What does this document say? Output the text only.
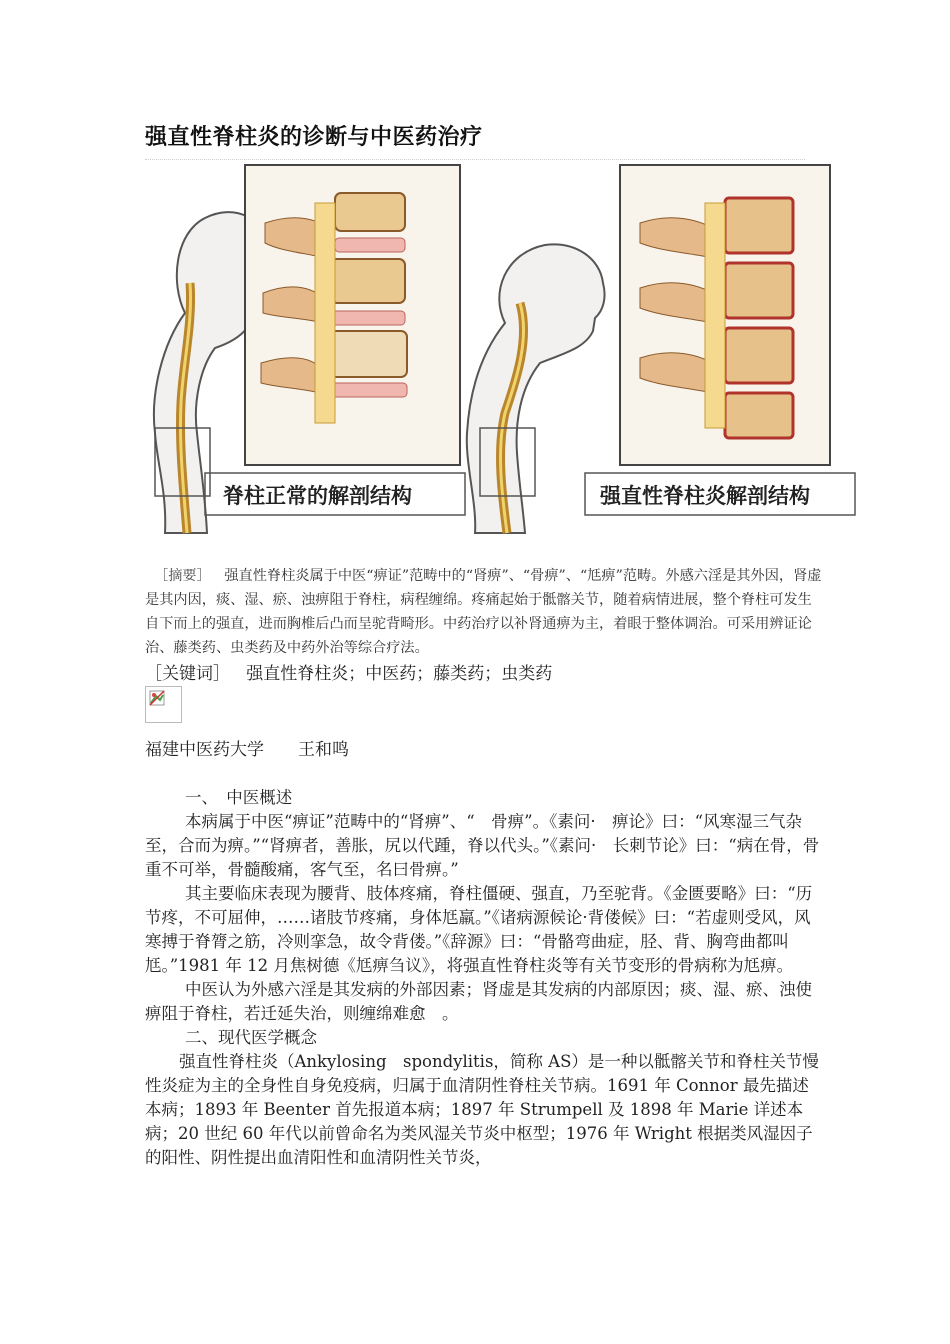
强直性脊柱炎的诊断与中医药治疗
脊柱正常的解剖结构	强直性脊柱炎解剖结构
［摘要］ 强直性脊柱炎属于中医“痹证”范畴中的“肾痹”、“骨痹”、“尪痹”范畴。外感六淫是其外因，肾虚是其内因，痰、湿、瘀、浊痹阻于脊柱，病程缠绵。疼痛起始于骶髂关节，随着病情进展，整个脊柱可发生自下而上的强直，进而胸椎后凸而呈驼背畸形。中药治疗以补肾通痹为主，着眼于整体调治。可采用辨证论治、藤类药、虫类药及中药外治等综合疗法。
［关键词］ 强直性脊柱炎；中医药；藤类药；虫类药
福建中医药大学 王和鸣

一、　中医概述

本病属于中医“痹证”范畴中的“肾痹”、“　骨痹”。《素问·　痹论》曰：“风寒湿三气杂至，合而为痹。”“肾痹者，善胀，尻以代踵，脊以代头。”《素问·　长刺节论》曰：“病在骨，骨重不可举，骨髓酸痛，客气至，名曰骨痹。”

其主要临床表现为腰背、肢体疼痛，脊柱僵硬、强直，乃至驼背。《金匮要略》曰：“历节疼，不可屈伸，……诸肢节疼痛，身体尪羸。”《诸病源候论·背偻候》曰：“若虚则受风，风寒搏于脊膂之筋，冷则挛急，故令背偻。”《辞源》曰：“骨骼弯曲症，胫、背、胸弯曲都叫尪。”1981 年 12 月焦树德《尪痹刍议》，将强直性脊柱炎等有关节变形的骨病称为尪痹。

中医认为外感六淫是其发病的外部因素；肾虚是其发病的内部原因；痰、湿、瘀、浊使痹阻于脊柱，若迁延失治，则缠绵难愈　。

二、现代医学概念

强直性脊柱炎（Ankylosing　spondylitis，简称 AS）是一种以骶髂关节和脊柱关节慢性炎症为主的全身性自身免疫病，归属于血清阴性脊柱关节病。1691 年 Connor 最先描述本病；1893 年 Beenter 首先报道本病；1897 年 Strumpell 及 1898 年 Marie 详述本病；20 世纪 60 年代以前曾命名为类风湿关节炎中枢型；1976 年 Wright 根据类风湿因子的阳性、阴性提出血清阳性和血清阴性关节炎，
